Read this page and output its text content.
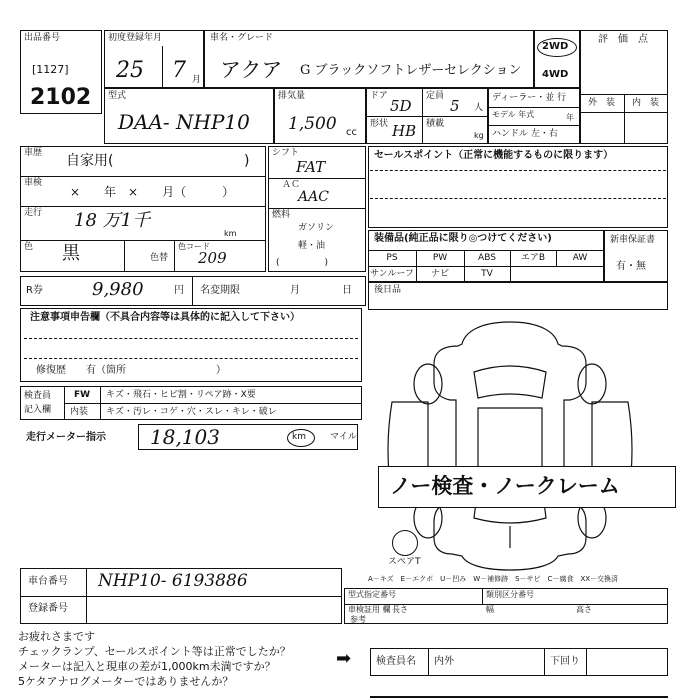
出品番号
[1127]
2102
初度登録年月
25 7 月
車名・グレード
アクア G ブラックソフトレザーセレクション
2WD
4WD
評　価　点
外　装 内　装
型式
DAA- NHP10
排気量
1,500 cc
ドア
5D
定員
5 人
形状 HB 積載
kg
ディーラー・並 行
モデル 年式	年
ハンドル 左・右
車歴 自家用(	)
車検
×　　年　×　　月（　　　）
走行 18 万1千
km
色 黒	色替
色コード
209
シフト
FAT
ＡＣ
AAC
燃料
ガソリン
軽・油
(　　　　　)
セールスポイント（正常に機能するものに限ります）
装備品(純正品に限り◎つけてください)
PS	PW	ABS	エアB	AW
サンルーフ	ナビ	TV
新車保証書
有・無
R券	9,980	円 名変期限	月	日 後日品
注意事項申告欄（不具合内容等は具体的に記入して下さい）
修復歴　　有（箇所　　　　　　　　　）
検査員
記入欄
FW キズ・飛石・ヒビ割・リペア跡・X要
内装 キズ・汚レ・コゲ・穴・スレ・キレ・破レ
走行メーター指示 18,103	km	マイル
ノー検査・ノークレーム
スペアT
A－キズ　E－エクボ　U－凹み　W－補修跡　S－サビ　C－腐食　XX－交換済
車台番号 NHP10- 6193886
登録番号
型式指定番号	類別区分番号
車検証 用 欄 長さ	幅	高さ
参考
お疲れさまです
チェックランプ、セールスポイント等は正常でしたか？
メーターは記入と現車の差が1,000km未満ですか？
5ケタアナログメーターではありませんか？
➡ 検査員名 内外	下回り
